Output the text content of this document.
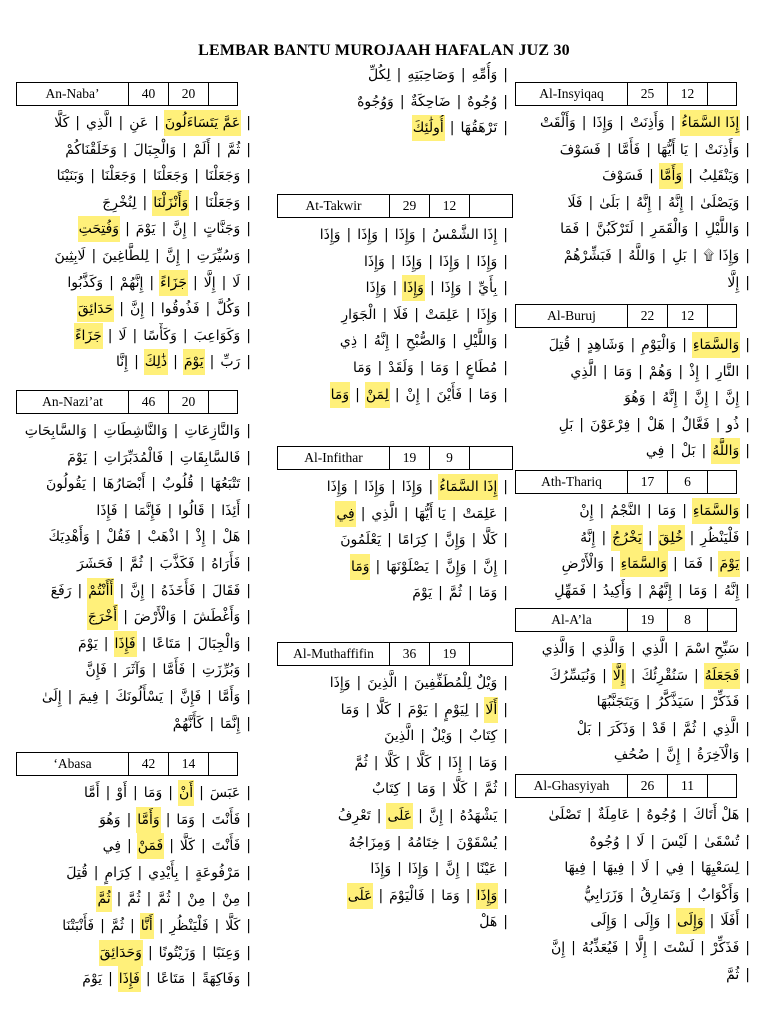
LEMBAR BANTU MUROJAAH HAFALAN JUZ 30
An-Naba’	40	20
|عَمَّ يَتَسَاءَلُونَ|عَنِ|الَّذِي|كَلَّا
|ثُمَّ|أَلَمْ|وَالْجِبَالَ|وَخَلَقْنَاكُمْ
|وَجَعَلْنَا|وَجَعَلْنَا|وَجَعَلْنَا|وَبَنَيْنَا
|وَجَعَلْنَا|وَأَنْزَلْنَا|لِنُخْرِجَ
|وَجَنَّاتٍ|إِنَّ|يَوْمَ|وَفُتِحَتِ
|وَسُيِّرَتِ|إِنَّ|لِلطَّاغِينَ|لَابِثِينَ
|لَا|إِلَّا|جَزَاءً|إِنَّهُمْ|وَكَذَّبُوا
|وَكُلَّ|فَذُوقُوا|إِنَّ|حَدَائِقَ
|وَكَوَاعِبَ|وَكَأْسًا|لَا|جَزَاءً
|رَبِّ|يَوْمَ|ذَٰلِكَ|إِنَّا
An-Nazi’at	46	20
|وَالنَّازِعَاتِ|وَالنَّاشِطَاتِ|وَالسَّابِحَاتِ
|فَالسَّابِقَاتِ|فَالْمُدَبِّرَاتِ|يَوْمَ
|تَتْبَعُهَا|قُلُوبٌ|أَبْصَارُهَا|يَقُولُونَ
|أَئِذَا|قَالُوا|فَإِنَّمَا|فَإِذَا
|هَلْ|إِذْ|اذْهَبْ|فَقُلْ|وَأَهْدِيَكَ
|فَأَرَاهُ|فَكَذَّبَ|ثُمَّ|فَحَشَرَ
|فَقَالَ|فَأَخَذَهُ|إِنَّ|أَأَنْتُمْ|رَفَعَ
|وَأَغْطَشَ|وَالْأَرْضَ|أَخْرَجَ
|وَالْجِبَالَ|مَتَاعًا|فَإِذَا|يَوْمَ
|وَبُرِّزَتِ|فَأَمَّا|وَآثَرَ|فَإِنَّ
|وَأَمَّا|فَإِنَّ|يَسْأَلُونَكَ|فِيمَ|إِلَىٰ
|إِنَّمَا|كَأَنَّهُمْ
‘Abasa	42	14
|عَبَسَ|أَنْ|وَمَا|أَوْ|أَمَّا
|فَأَنْتَ|وَمَا|وَأَمَّا|وَهُوَ
|فَأَنْتَ|كَلَّا|فَمَنْ|فِي
|مَرْفُوعَةٍ|بِأَيْدِي|كِرَامٍ|قُتِلَ
|مِنْ|مِنْ|ثُمَّ|ثُمَّ|ثُمَّ
|كَلَّا|فَلْيَنْظُرِ|أَنَّا|ثُمَّ|فَأَنْبَتْنَا
|وَعِنَبًا|وَزَيْتُونًا|وَحَدَائِقَ
|وَفَاكِهَةً|مَتَاعًا|فَإِذَا|يَوْمَ
|وَأُمِّهِ|وَصَاحِبَتِهِ|لِكُلِّ
|وُجُوهٌ|ضَاحِكَةٌ|وَوُجُوهٌ
|تَرْهَقُهَا|أُولَٰئِكَ
At-Takwir	29	12
|إِذَا الشَّمْسُ|وَإِذَا|وَإِذَا|وَإِذَا
|وَإِذَا|وَإِذَا|وَإِذَا|وَإِذَا
|بِأَيِّ|وَإِذَا|وَإِذَا|وَإِذَا
|وَإِذَا|عَلِمَتْ|فَلَا|الْجَوَارِ
|وَاللَّيْلِ|وَالصُّبْحِ|إِنَّهُ|ذِي
|مُطَاعٍ|وَمَا|وَلَقَدْ|وَمَا
|وَمَا|فَأَيْنَ|إِنْ|لِمَنْ|وَمَا
Al-Infithar	19	9
|إِذَا السَّمَاءُ|وَإِذَا|وَإِذَا|وَإِذَا
|عَلِمَتْ|يَا أَيُّهَا|الَّذِي|فِي
|كَلَّا|وَإِنَّ|كِرَامًا|يَعْلَمُونَ
|إِنَّ|وَإِنَّ|يَصْلَوْنَهَا|وَمَا
|وَمَا|ثُمَّ|يَوْمَ
Al-Muthaffifin	36	19
|وَيْلٌ لِلْمُطَفِّفِينَ|الَّذِينَ|وَإِذَا
|أَلَا|لِيَوْمٍ|يَوْمَ|كَلَّا|وَمَا
|كِتَابٌ|وَيْلٌ|الَّذِينَ
|وَمَا|إِذَا|كَلَّا|كَلَّا|ثُمَّ
|ثُمَّ|كَلَّا|وَمَا|كِتَابٌ
|يَشْهَدُهُ|إِنَّ|عَلَى|تَعْرِفُ
|يُسْقَوْنَ|خِتَامُهُ|وَمِزَاجُهُ
|عَيْنًا|إِنَّ|وَإِذَا|وَإِذَا
|وَإِذَا|وَمَا|فَالْيَوْمَ|عَلَى
|هَلْ
Al-Insyiqaq	25	12
|إِذَا السَّمَاءُ|وَأَذِنَتْ|وَإِذَا|وَأَلْقَتْ
|وَأَذِنَتْ|يَا أَيُّهَا|فَأَمَّا|فَسَوْفَ
|وَيَنْقَلِبُ|وَأَمَّا|فَسَوْفَ
|وَيَصْلَىٰ|إِنَّهُ|إِنَّهُ|بَلَىٰ|فَلَا
|وَاللَّيْلِ|وَالْقَمَرِ|لَتَرْكَبُنَّ|فَمَا
|وَإِذَا ۩|بَلِ|وَاللَّهُ|فَبَشِّرْهُمْ
|إِلَّا
Al-Buruj	22	12
|وَالسَّمَاءِ|وَالْيَوْمِ|وَشَاهِدٍ|قُتِلَ
|النَّارِ|إِذْ|وَهُمْ|وَمَا|الَّذِي
|إِنَّ|إِنَّ|إِنَّهُ|وَهُوَ
|ذُو|فَعَّالٌ|هَلْ|فِرْعَوْنَ|بَلِ
|وَاللَّهُ|بَلْ|فِي
Ath-Thariq	17	6
|وَالسَّمَاءِ|وَمَا|النَّجْمُ|إِنْ
|فَلْيَنْظُرِ|خُلِقَ|يَخْرُجُ|إِنَّهُ
|يَوْمَ|فَمَا|وَالسَّمَاءِ|وَالْأَرْضِ
|إِنَّهُ|وَمَا|إِنَّهُمْ|وَأَكِيدُ|فَمَهِّلِ
Al-A’la	19	8
|سَبِّحِ اسْمَ|الَّذِي|وَالَّذِي|وَالَّذِي
|فَجَعَلَهُ|سَنُقْرِئُكَ|إِلَّا|وَنُيَسِّرُكَ
|فَذَكِّرْ|سَيَذَّكَّرُ|وَيَتَجَنَّبُهَا
|الَّذِي|ثُمَّ|قَدْ|وَذَكَرَ|بَلْ
|وَالْآخِرَةُ|إِنَّ|صُحُفِ
Al-Ghasyiyah	26	11
|هَلْ أَتَاكَ|وُجُوهٌ|عَامِلَةٌ|تَصْلَىٰ
|تُسْقَىٰ|لَيْسَ|لَا|وُجُوهٌ
|لِسَعْيِهَا|فِي|لَا|فِيهَا|فِيهَا
|وَأَكْوَابٌ|وَنَمَارِقُ|وَزَرَابِيُّ
|أَفَلَا|وَإِلَى|وَإِلَى|وَإِلَى
|فَذَكِّرْ|لَسْتَ|إِلَّا|فَيُعَذِّبُهُ|إِنَّ
|ثُمَّ
